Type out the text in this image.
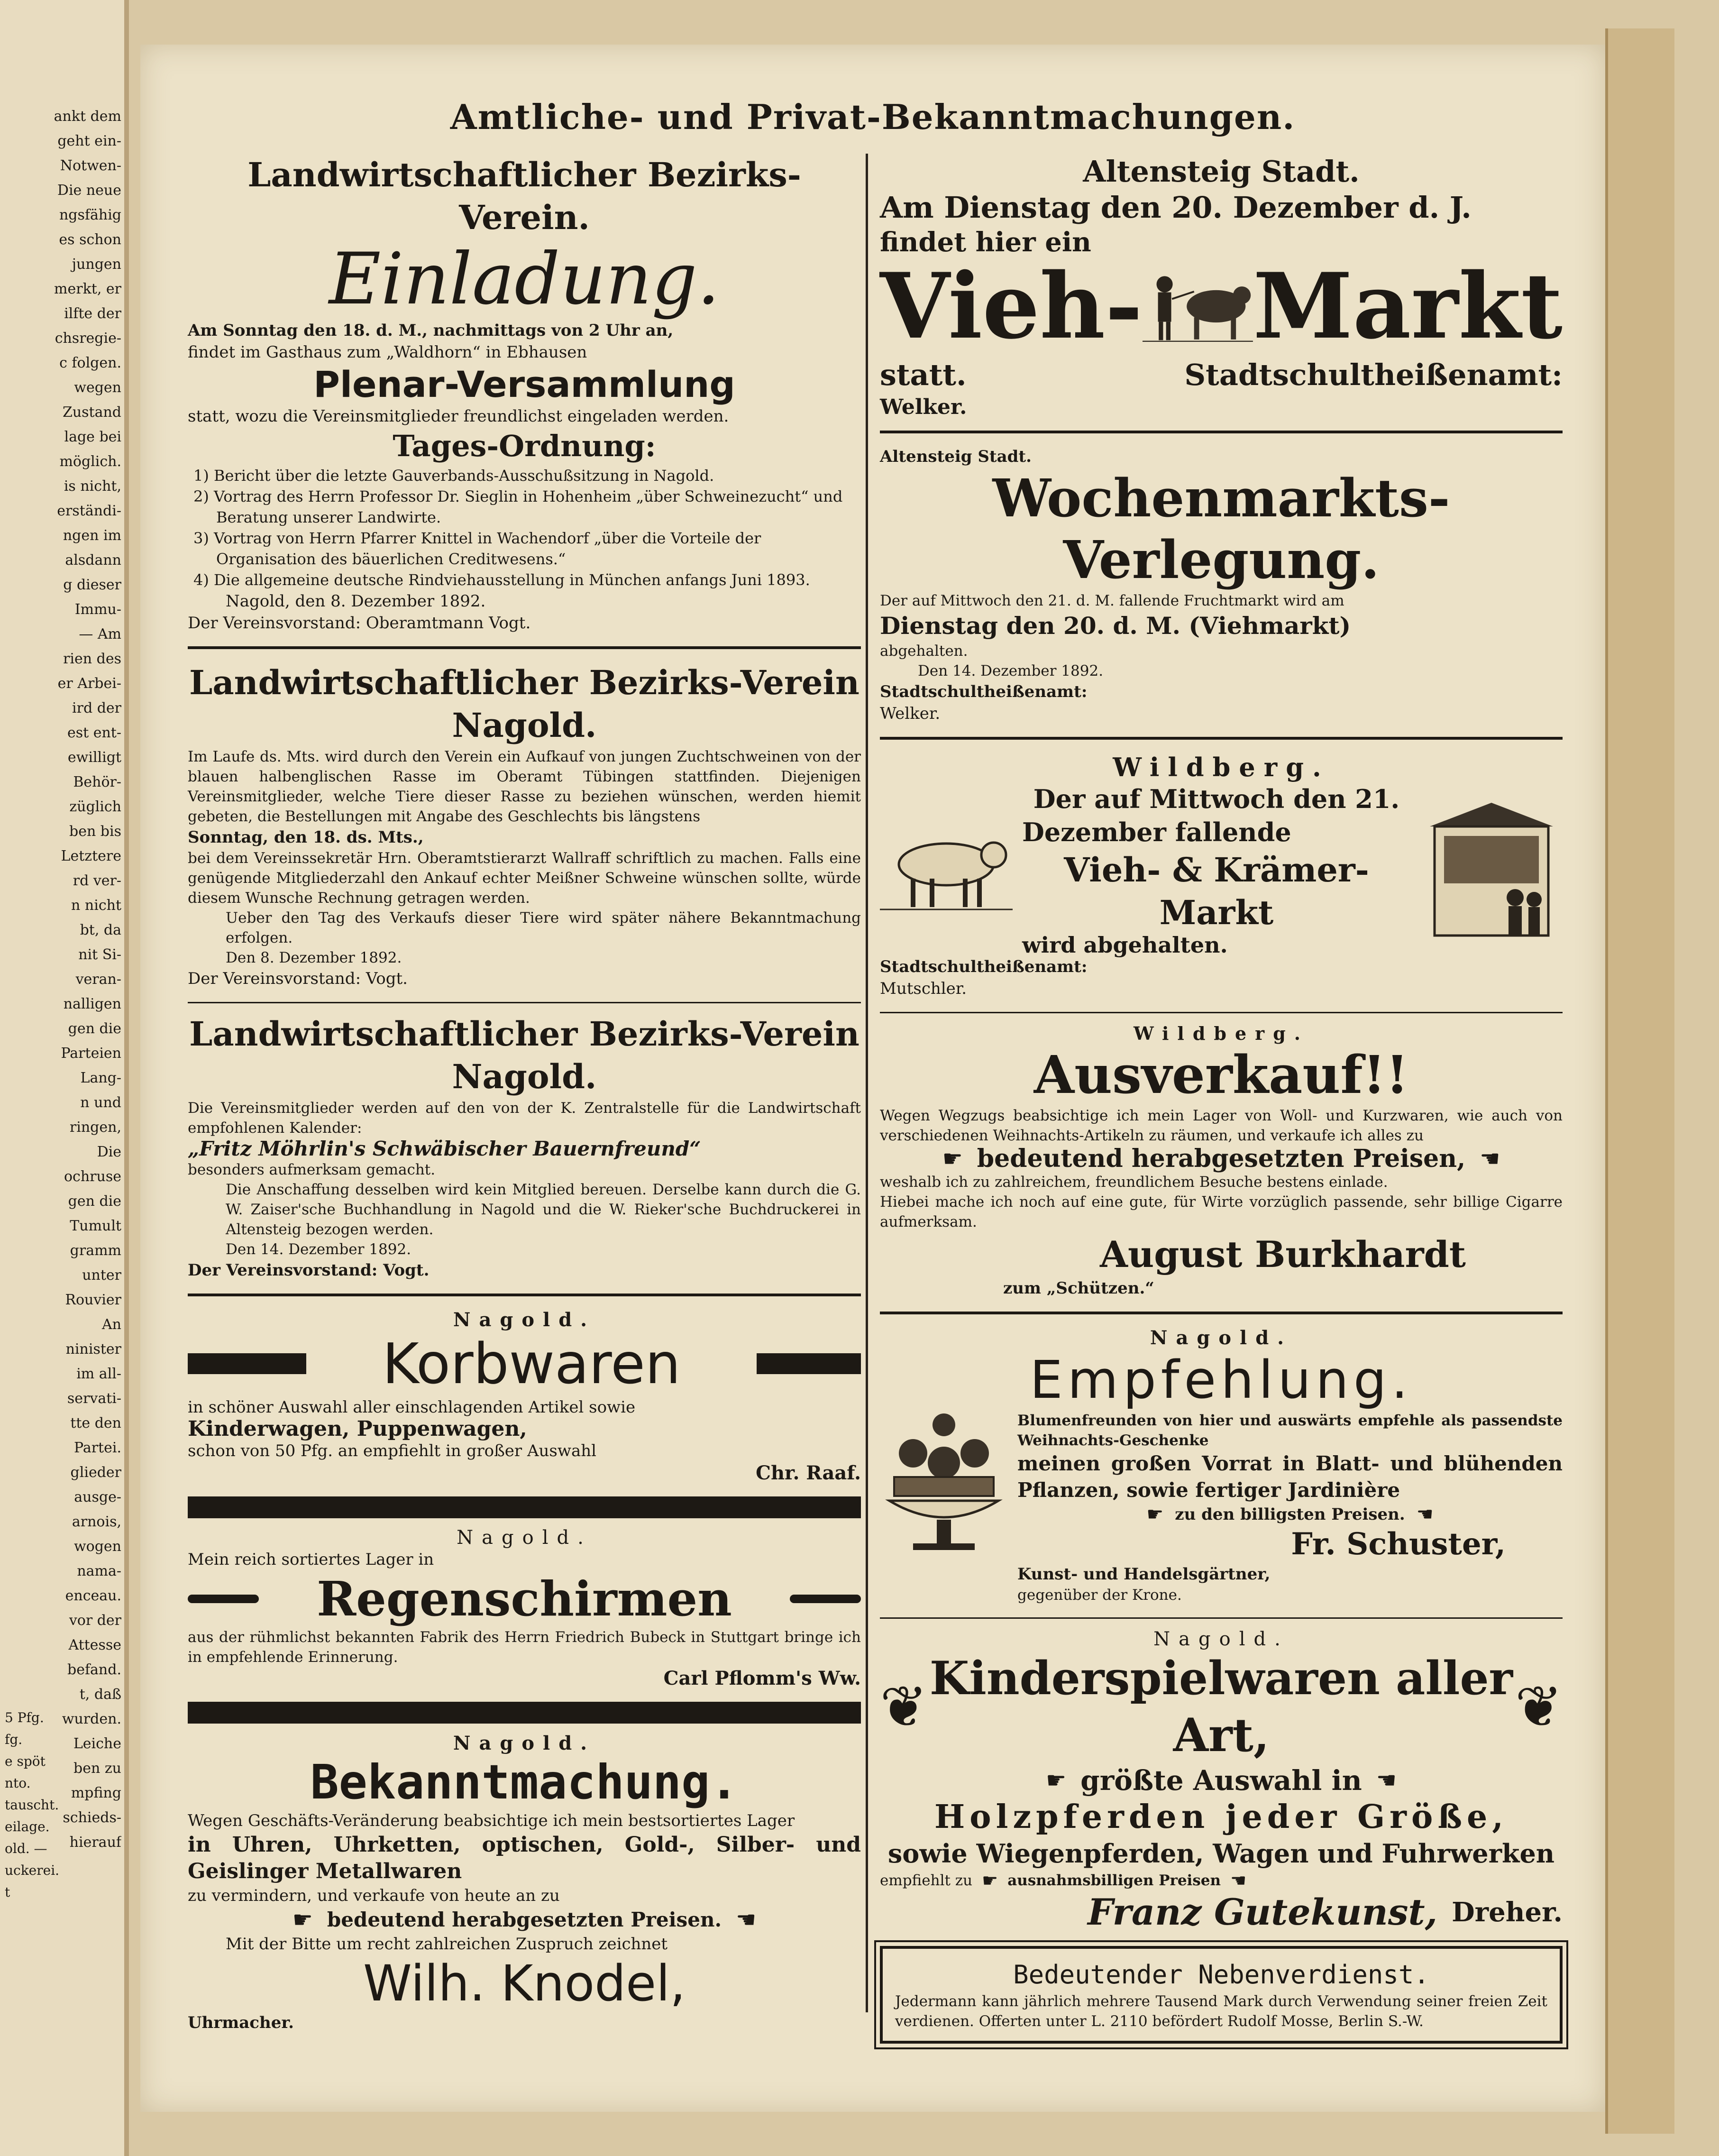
ankt dem
geht ein-
Notwen-
Die neue
ngsfähig
es schon
jungen
merkt, er
ilfte der
chsregie-
c folgen.
wegen
Zustand
lage bei
möglich.
is nicht,
erständi-
ngen im
alsdann
g dieser
Immu-
— Am
rien des
er Arbei-
ird der
est ent-
ewilligt
Behör-
züglich
ben bis
Letztere
rd ver-
n nicht
bt, da
nit Si-
veran-
nalligen
gen die
Parteien
Lang-
n und
ringen,
Die
ochruse
gen die
Tumult
gramm
unter
Rouvier
An
ninister
im all-
servati-
tte den
Partei.
glieder
ausge-
arnois,
wogen
nama-
enceau.
vor der
Attesse
befand.
t, daß
wurden.
Leiche
ben zu
mpfing
schieds-
hierauf
5 Pfg.
fg.
e spöt
nto.
tauscht.
eilage.
old. —
uckerei.
t
Amtliche- und Privat-Bekanntmachungen.
Landwirtschaftlicher Bezirks-Verein.
Einladung.
Am Sonntag den 18. d. M., nachmittags von 2 Uhr an,
findet im Gasthaus zum „Waldhorn“ in Ebhausen
Plenar-Versammlung
statt, wozu die Vereinsmitglieder freundlichst eingeladen werden.
Tages-Ordnung:
1) Bericht über die letzte Gauverbands-Ausschußsitzung in Nagold.
2) Vortrag des Herrn Professor Dr. Sieglin in Hohenheim „über Schweinezucht“ und Beratung unserer Landwirte.
3) Vortrag von Herrn Pfarrer Knittel in Wachendorf „über die Vorteile der Organisation des bäuerlichen Creditwesens.“
4) Die allgemeine deutsche Rindviehausstellung in München anfangs Juni 1893.
Nagold, den 8. Dezember 1892.
Der Vereinsvorstand: Oberamtmann Vogt.
Landwirtschaftlicher Bezirks-Verein Nagold.
Im Laufe ds. Mts. wird durch den Verein ein Aufkauf von jungen Zuchtschweinen von der blauen halbenglischen Rasse im Oberamt Tübingen stattfinden. Diejenigen Vereinsmitglieder, welche Tiere dieser Rasse zu beziehen wünschen, werden hiemit gebeten, die Bestellungen mit Angabe des Geschlechts bis längstens
Sonntag, den 18. ds. Mts.,
bei dem Vereinssekretär Hrn. Oberamtstierarzt Wallraff schriftlich zu machen. Falls eine genügende Mitgliederzahl den Ankauf echter Meißner Schweine wünschen sollte, würde diesem Wunsche Rechnung getragen werden.
Ueber den Tag des Verkaufs dieser Tiere wird später nähere Bekanntmachung erfolgen.
Den 8. Dezember 1892.
Der Vereinsvorstand: Vogt.
Landwirtschaftlicher Bezirks-Verein Nagold.
Die Vereinsmitglieder werden auf den von der K. Zentralstelle für die Landwirtschaft empfohlenen Kalender:
„Fritz Möhrlin's Schwäbischer Bauernfreund“
besonders aufmerksam gemacht.
Die Anschaffung desselben wird kein Mitglied bereuen. Derselbe kann durch die G. W. Zaiser'sche Buchhandlung in Nagold und die W. Rieker'sche Buchdruckerei in Altensteig bezogen werden.
Den 14. Dezember 1892.
Der Vereinsvorstand: Vogt.
Nagold.
Korbwaren
in schöner Auswahl aller einschlagenden Artikel sowie
Kinderwagen, Puppenwagen,
schon von 50 Pfg. an empfiehlt in großer Auswahl
Chr. Raaf.
Nagold.
Mein reich sortiertes Lager in
Regenschirmen
aus der rühmlichst bekannten Fabrik des Herrn Friedrich Bubeck in Stuttgart bringe ich in empfehlende Erinnerung.
Carl Pflomm's Ww.
Nagold.
Bekanntmachung.
Wegen Geschäfts-Veränderung beabsichtige ich mein bestsortiertes Lager
in Uhren, Uhrketten, optischen, Gold-, Silber- und Geislinger Metallwaren
zu vermindern, und verkaufe von heute an zu
☛ bedeutend herabgesetzten Preisen. ☚
Mit der Bitte um recht zahlreichen Zuspruch zeichnet
Wilh. Knodel,
Uhrmacher.
Altensteig Stadt.
Am Dienstag den 20. Dezember d. J.
findet hier ein
Vieh- Markt
statt.	Stadtschultheißenamt:
Welker.
Altensteig Stadt.
Wochenmarkts-Verlegung.
Der auf Mittwoch den 21. d. M. fallende Fruchtmarkt wird am
Dienstag den 20. d. M. (Viehmarkt)
abgehalten.
Den 14. Dezember 1892.
Stadtschultheißenamt:
Welker.
Wildberg.
Der auf Mittwoch den 21.
Dezember fallende
Vieh- & Krämer-Markt
wird abgehalten.
Stadtschultheißenamt:
Mutschler.
Wildberg.
Ausverkauf!!
Wegen Wegzugs beabsichtige ich mein Lager von Woll- und Kurzwaren, wie auch von verschiedenen Weihnachts-Artikeln zu räumen, und verkaufe ich alles zu
☛ bedeutend herabgesetzten Preisen, ☚
weshalb ich zu zahlreichem, freundlichem Besuche bestens einlade.
Hiebei mache ich noch auf eine gute, für Wirte vorzüglich passende, sehr billige Cigarre aufmerksam.
August Burkhardt
zum „Schützen.“
Nagold.
Empfehlung.
Blumenfreunden von hier und auswärts empfehle als passendste Weihnachts-Geschenke
meinen großen Vorrat in Blatt- und blühenden Pflanzen, sowie fertiger Jardinière
☛ zu den billigsten Preisen. ☚
Fr. Schuster,
Kunst- und Handelsgärtner,
gegenüber der Krone.
Nagold.
❦ Kinderspielwaren aller Art,	❦
☛ größte Auswahl in ☚
Holzpferden jeder Größe,
sowie Wiegenpferden, Wagen und Fuhrwerken
empfiehlt zu ☛ ausnahmsbilligen Preisen ☚
Franz Gutekunst, Dreher.
Bedeutender Nebenverdienst.
Jedermann kann jährlich mehrere Tausend Mark durch Verwendung seiner freien Zeit verdienen. Offerten unter L. 2110 befördert Rudolf Mosse, Berlin S.-W.
